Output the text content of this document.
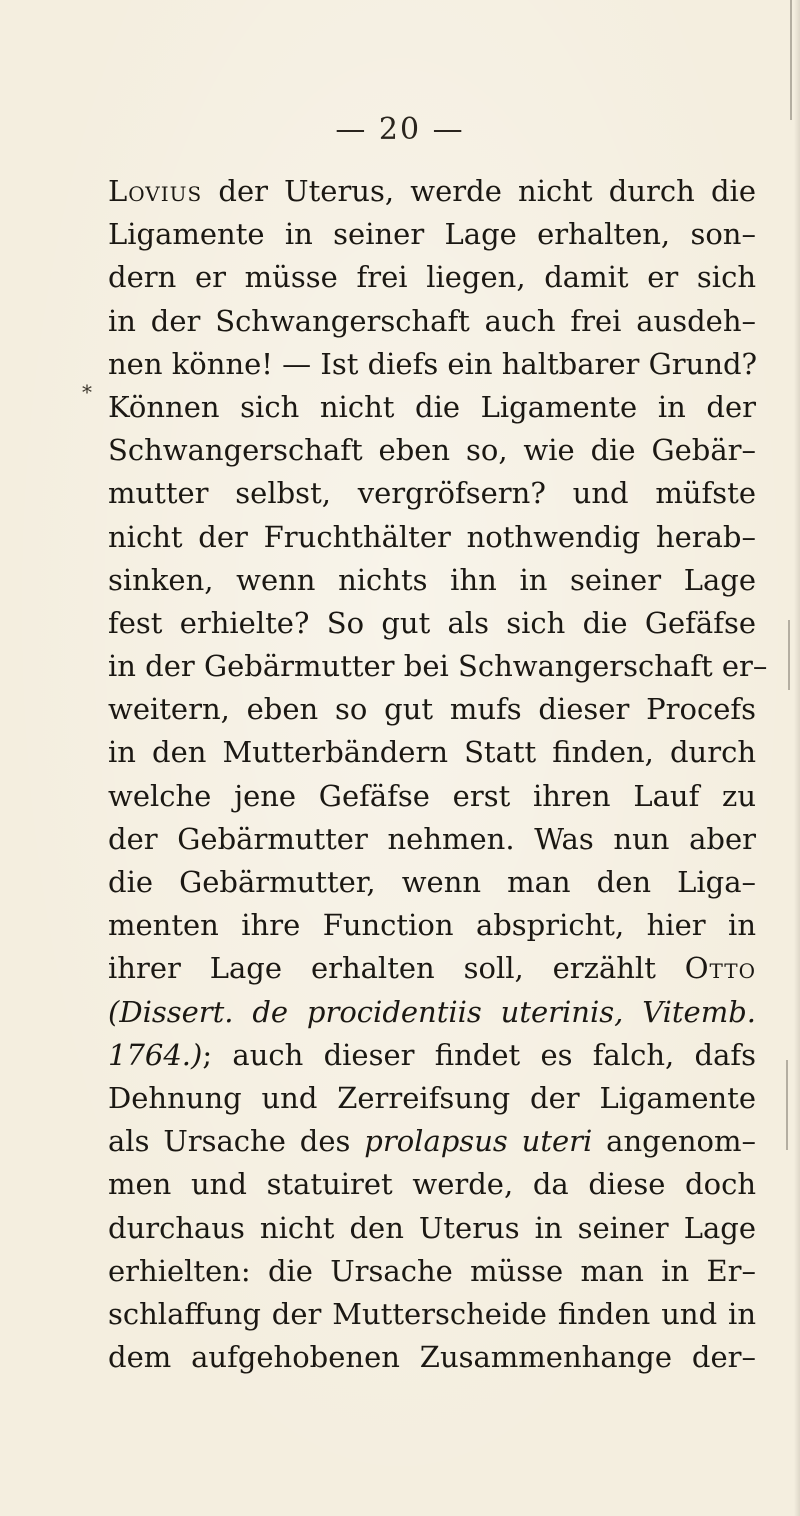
— 20 —
*
Lovius der Uterus, werde nicht durch die
Ligamente in seiner Lage erhalten, son–
dern er müsse frei liegen, damit er sich
in der Schwangerschaft auch frei ausdeh–
nen könne! — Ist diefs ein haltbarer Grund?
Können sich nicht die Ligamente in der
Schwangerschaft eben so, wie die Gebär–
mutter selbst, vergröfsern? und müfste
nicht der Fruchthälter nothwendig herab–
sinken, wenn nichts ihn in seiner Lage
fest erhielte? So gut als sich die Gefäfse
in der Gebärmutter bei Schwangerschaft er–
weitern, eben so gut mufs dieser Procefs
in den Mutterbändern Statt finden, durch
welche jene Gefäfse erst ihren Lauf zu
der Gebärmutter nehmen. Was nun aber
die Gebärmutter, wenn man den Liga–
menten ihre Function abspricht, hier in
ihrer Lage erhalten soll, erzählt Otto
(Dissert. de procidentiis uterinis, Vitemb.
1764.); auch dieser findet es falch, dafs
Dehnung und Zerreifsung der Ligamente
als Ursache des prolapsus uteri angenom–
men und statuiret werde, da diese doch
durchaus nicht den Uterus in seiner Lage
erhielten: die Ursache müsse man in Er–
schlaffung der Mutterscheide finden und in
dem aufgehobenen Zusammenhange der–
